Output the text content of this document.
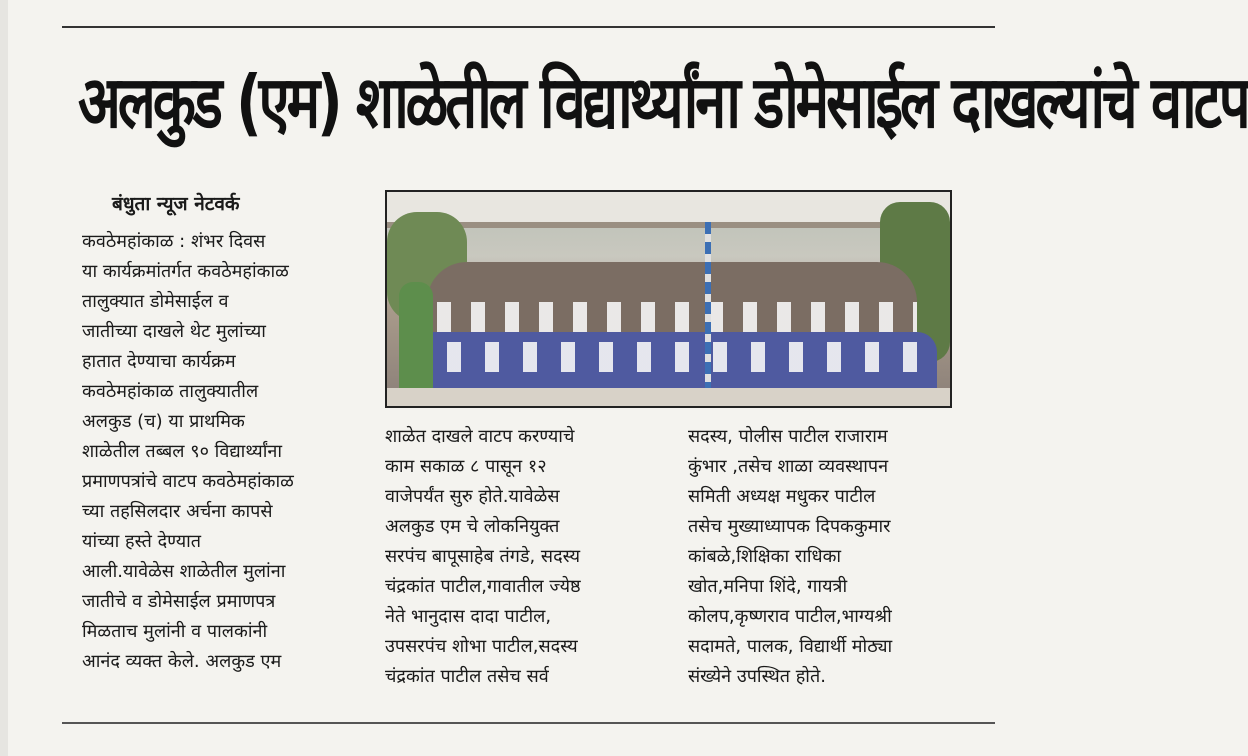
अलकुड (एम) शाळेतील विद्यार्थ्यांना डोमेसाईल दाखल्यांचे वाटप
बंधुता न्यूज नेटवर्क
कवठेमहांकाळ : शंभर दिवस
या कार्यक्रमांतर्गत कवठेमहांकाळ
तालुक्यात डोमेसाईल व
जातीच्या दाखले थेट मुलांच्या
हातात देण्याचा कार्यक्रम
कवठेमहांकाळ तालुक्यातील
अलकुड (च) या प्राथमिक
शाळेतील तब्बल ९० विद्यार्थ्यांना
प्रमाणपत्रांचे वाटप कवठेमहांकाळ
च्या तहसिलदार अर्चना कापसे
यांच्या हस्ते देण्यात
आली.यावेळेस शाळेतील मुलांना
जातीचे व डोमेसाईल प्रमाणपत्र
मिळताच मुलांनी व पालकांनी
आनंद व्यक्त केले. अलकुड एम
शाळेत दाखले वाटप करण्याचे
काम सकाळ ८ पासून १२
वाजेपर्यंत सुरु होते.यावेळेस
अलकुड एम चे लोकनियुक्त
सरपंच बापूसाहेब तंगडे, सदस्य
चंद्रकांत पाटील,गावातील ज्येष्ठ
नेते भानुदास दादा पाटील,
उपसरपंच शोभा पाटील,सदस्य
चंद्रकांत पाटील तसेच सर्व
सदस्य, पोलीस पाटील राजाराम
कुंभार ,तसेच शाळा व्यवस्थापन
समिती अध्यक्ष मधुकर पाटील
तसेच मुख्याध्यापक दिपककुमार
कांबळे,शिक्षिका राधिका
खोत,मनिपा शिंदे, गायत्री
कोलप,कृष्णराव पाटील,भाग्यश्री
सदामते, पालक, विद्यार्थी मोठ्या
संख्येने उपस्थित होते.
